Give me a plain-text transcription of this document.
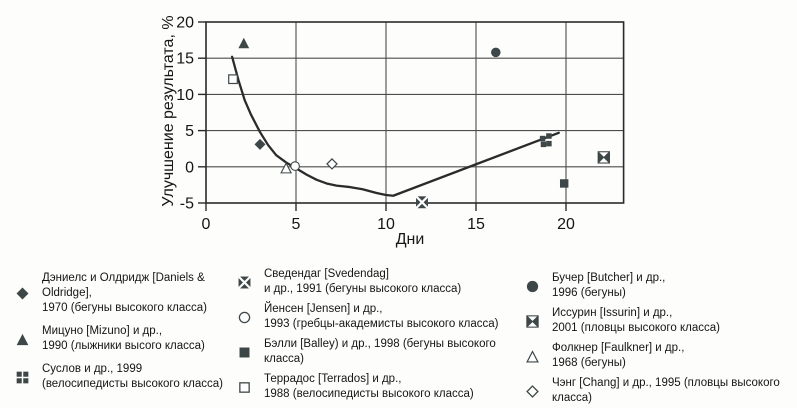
0	5	10	15	20
-5
0
5
10
15
20
Улучшение результата, %
Дни
Дэниелс и Олдридж [Daniels & Oldridge],
1970 (бегуны высокого класса)
Мицуно [Mizuno] и др.,
1990 (лыжники высого класса)
Суслов и др., 1999
(велосипедисты высокого класса)
Сведендаг [Svedendag]
и др., 1991 (бегуны высокого класса)
Йенсен [Jensen] и др.,
1993 (гребцы-академисты высокого класса)
Бэлли [Balley) и др., 1998 (бегуны высокого класса)
Террадос [Terrados] и др.,
1988 (велосипедисты высокого класса)
Бучер [Butcher] и др.,
1996 (бегуны)
Иссурин [Issurin] и др.,
2001 (пловцы высокого класса)
Фолкнер [Faulkner] и др.,
1968 (бегуны)
Чэнг [Chang] и др., 1995 (пловцы высокого класса)
